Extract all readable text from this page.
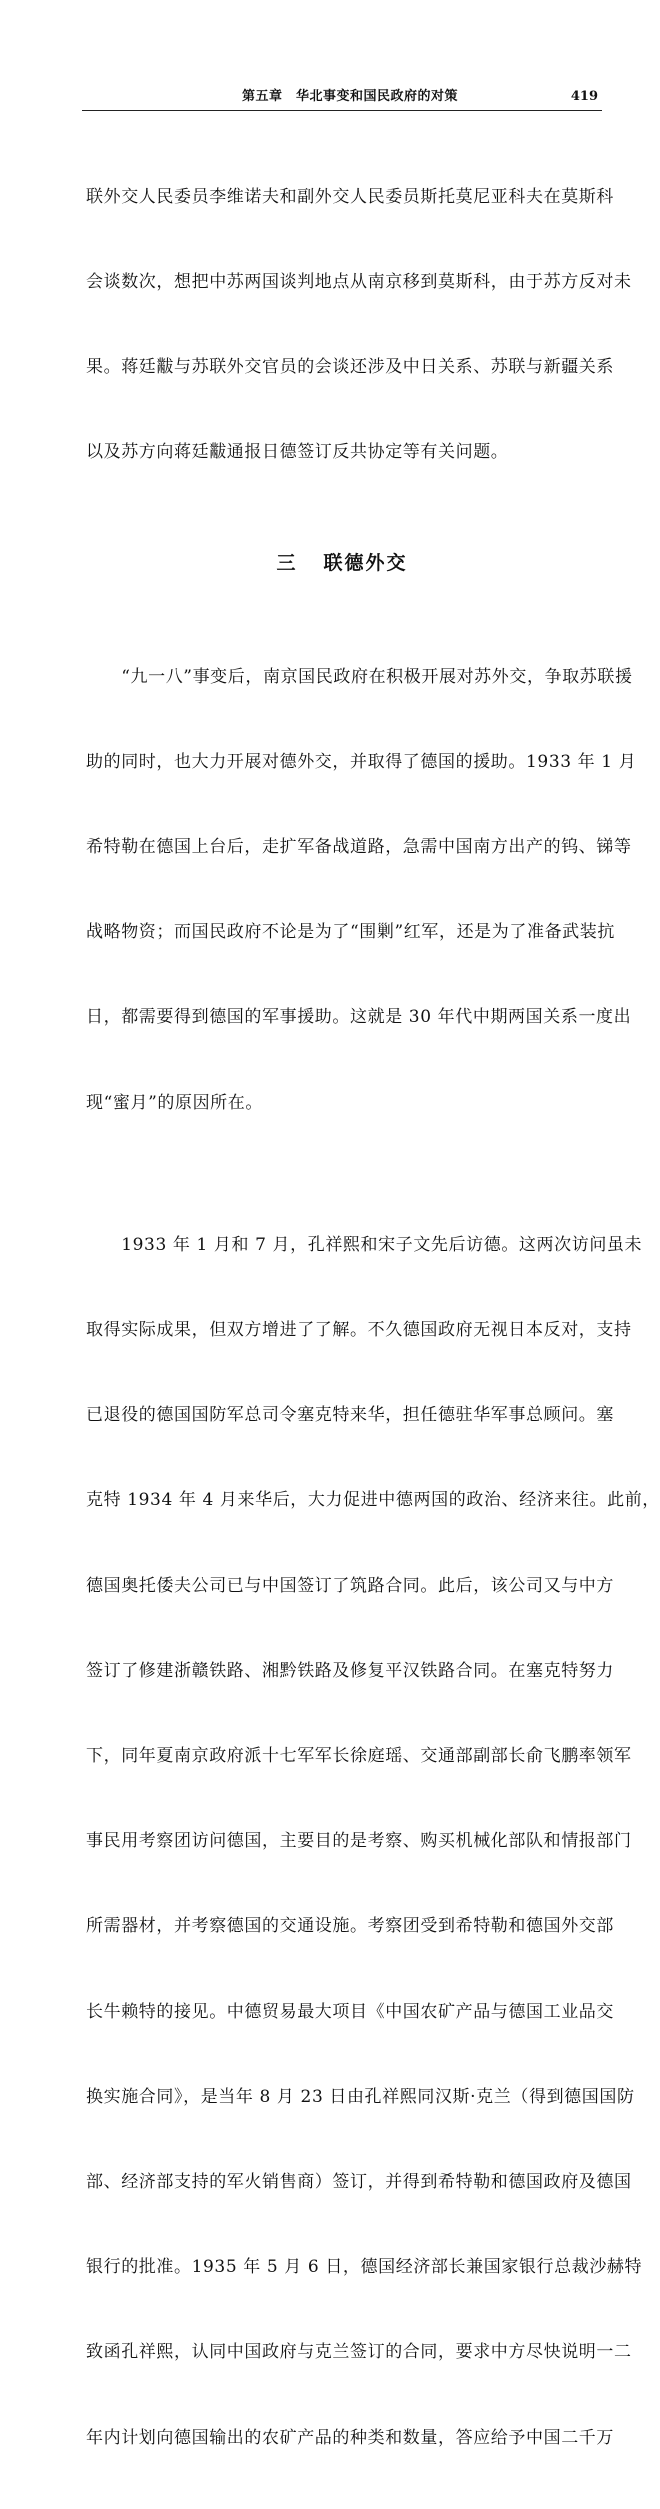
第五章　华北事变和国民政府的对策	419

联外交人民委员李维诺夫和副外交人民委员斯托莫尼亚科夫在莫斯科

会谈数次，想把中苏两国谈判地点从南京移到莫斯科，由于苏方反对未

果。蒋廷黻与苏联外交官员的会谈还涉及中日关系、苏联与新疆关系

以及苏方向蒋廷黻通报日德签订反共协定等有关问题。

三 联德外交

　　“九一八”事变后，南京国民政府在积极开展对苏外交，争取苏联援

助的同时，也大力开展对德外交，并取得了德国的援助。1933 年 1 月

希特勒在德国上台后，走扩军备战道路，急需中国南方出产的钨、锑等

战略物资；而国民政府不论是为了“围剿”红军，还是为了准备武装抗

日，都需要得到德国的军事援助。这就是 30 年代中期两国关系一度出

现“蜜月”的原因所在。

　　1933 年 1 月和 7 月，孔祥熙和宋子文先后访德。这两次访问虽未

取得实际成果，但双方增进了了解。不久德国政府无视日本反对，支持

已退役的德国国防军总司令塞克特来华，担任德驻华军事总顾问。塞

克特 1934 年 4 月来华后，大力促进中德两国的政治、经济来往。此前，

德国奥托倭夫公司已与中国签订了筑路合同。此后，该公司又与中方

签订了修建浙赣铁路、湘黔铁路及修复平汉铁路合同。在塞克特努力

下，同年夏南京政府派十七军军长徐庭瑶、交通部副部长俞飞鹏率领军

事民用考察团访问德国，主要目的是考察、购买机械化部队和情报部门

所需器材，并考察德国的交通设施。考察团受到希特勒和德国外交部

长牛赖特的接见。中德贸易最大项目《中国农矿产品与德国工业品交

换实施合同》，是当年 8 月 23 日由孔祥熙同汉斯·克兰（得到德国国防

部、经济部支持的军火销售商）签订，并得到希特勒和德国政府及德国

银行的批准。1935 年 5 月 6 日，德国经济部长兼国家银行总裁沙赫特

致函孔祥熙，认同中国政府与克兰签订的合同，要求中方尽快说明一二

年内计划向德国输出的农矿产品的种类和数量，答应给予中国二千万
